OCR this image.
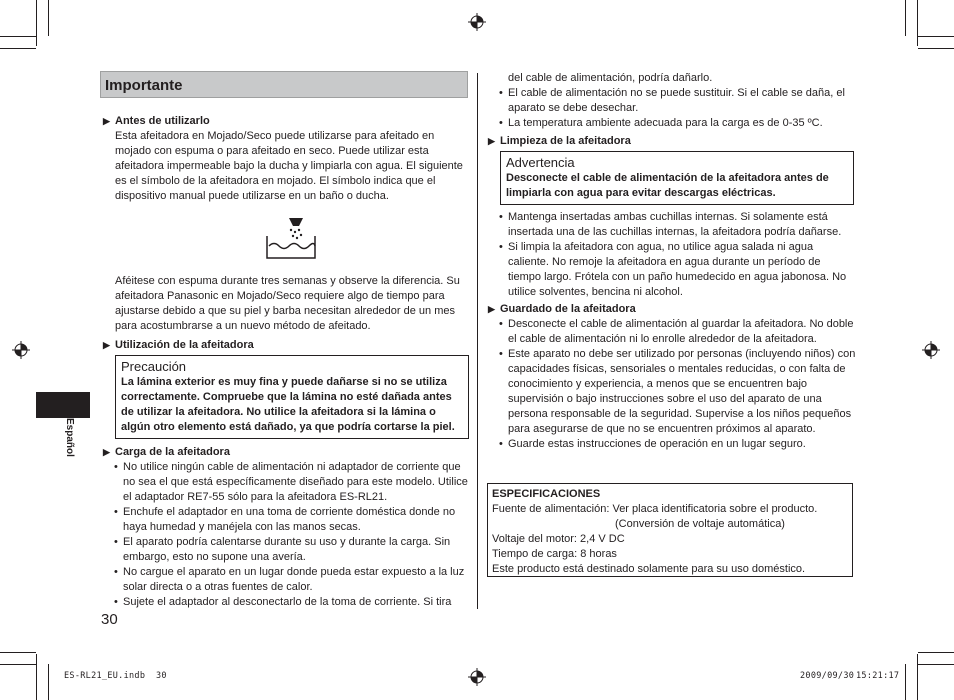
Importante
Español
▶ Antes de utilizarlo

Esta afeitadora en Mojado/Seco puede utilizarse para afeitado en mojado con espuma o para afeitado en seco. Puede utilizar esta afeitadora impermeable bajo la ducha y limpiarla con agua. El siguiente es el símbolo de la afeitadora en mojado. El símbolo indica que el dispositivo manual puede utilizarse en un baño o ducha.

Aféitese con espuma durante tres semanas y observe la diferencia. Su afeitadora Panasonic en Mojado/Seco requiere algo de tiempo para ajustarse debido a que su piel y barba necesitan alrededor de un mes para acostumbrarse a un nuevo método de afeitado.

▶ Utilización de la afeitadora
Precaución
La lámina exterior es muy fina y puede dañarse si no se utiliza correctamente. Compruebe que la lámina no esté dañada antes de utilizar la afeitadora. No utilice la afeitadora si la lámina o algún otro elemento está dañado, ya que podría cortarse la piel.
▶ Carga de la afeitadora
• No utilice ningún cable de alimentación ni adaptador de corriente que no sea el que está específicamente diseñado para este modelo. Utilice el adaptador RE7-55 sólo para la afeitadora ES-RL21.
• Enchufe el adaptador en una toma de corriente doméstica donde no haya humedad y manéjela con las manos secas.
• El aparato podría calentarse durante su uso y durante la carga. Sin embargo, esto no supone una avería.
• No cargue el aparato en un lugar donde pueda estar expuesto a la luz solar directa o a otras fuentes de calor.
• Sujete el adaptador al desconectarlo de la toma de corriente. Si tira
30
del cable de alimentación, podría dañarlo.
• El cable de alimentación no se puede sustituir. Si el cable se daña, el aparato se debe desechar.
• La temperatura ambiente adecuada para la carga es de 0-35 ºC.
▶ Limpieza de la afeitadora
Advertencia
Desconecte el cable de alimentación de la afeitadora antes de limpiarla con agua para evitar descargas eléctricas.
• Mantenga insertadas ambas cuchillas internas. Si solamente está insertada una de las cuchillas internas, la afeitadora podría dañarse.
• Si limpia la afeitadora con agua, no utilice agua salada ni agua caliente. No remoje la afeitadora en agua durante un período de tiempo largo. Frótela con un paño humedecido en agua jabonosa. No utilice solventes, bencina ni alcohol.
▶ Guardado de la afeitadora
• Desconecte el cable de alimentación al guardar la afeitadora. No doble el cable de alimentación ni lo enrolle alrededor de la afeitadora.
• Este aparato no debe ser utilizado por personas (incluyendo niños) con capacidades físicas, sensoriales o mentales reducidas, o con falta de conocimiento y experiencia, a menos que se encuentren bajo supervisión o bajo instrucciones sobre el uso del aparato de una persona responsable de la seguridad. Supervise a los niños pequeños para asegurarse de que no se encuentren próximos al aparato.
• Guarde estas instrucciones de operación en un lugar seguro.
ESPECIFICACIONES
Fuente de alimentación: Ver placa identificatoria sobre el producto.
(Conversión de voltaje automática)
Voltaje del motor: 2,4 V DC
Tiempo de carga: 8 horas
Este producto está destinado solamente para su uso doméstico.
ES-RL21_EU.indb 30	2009/09/30 15:21:17
